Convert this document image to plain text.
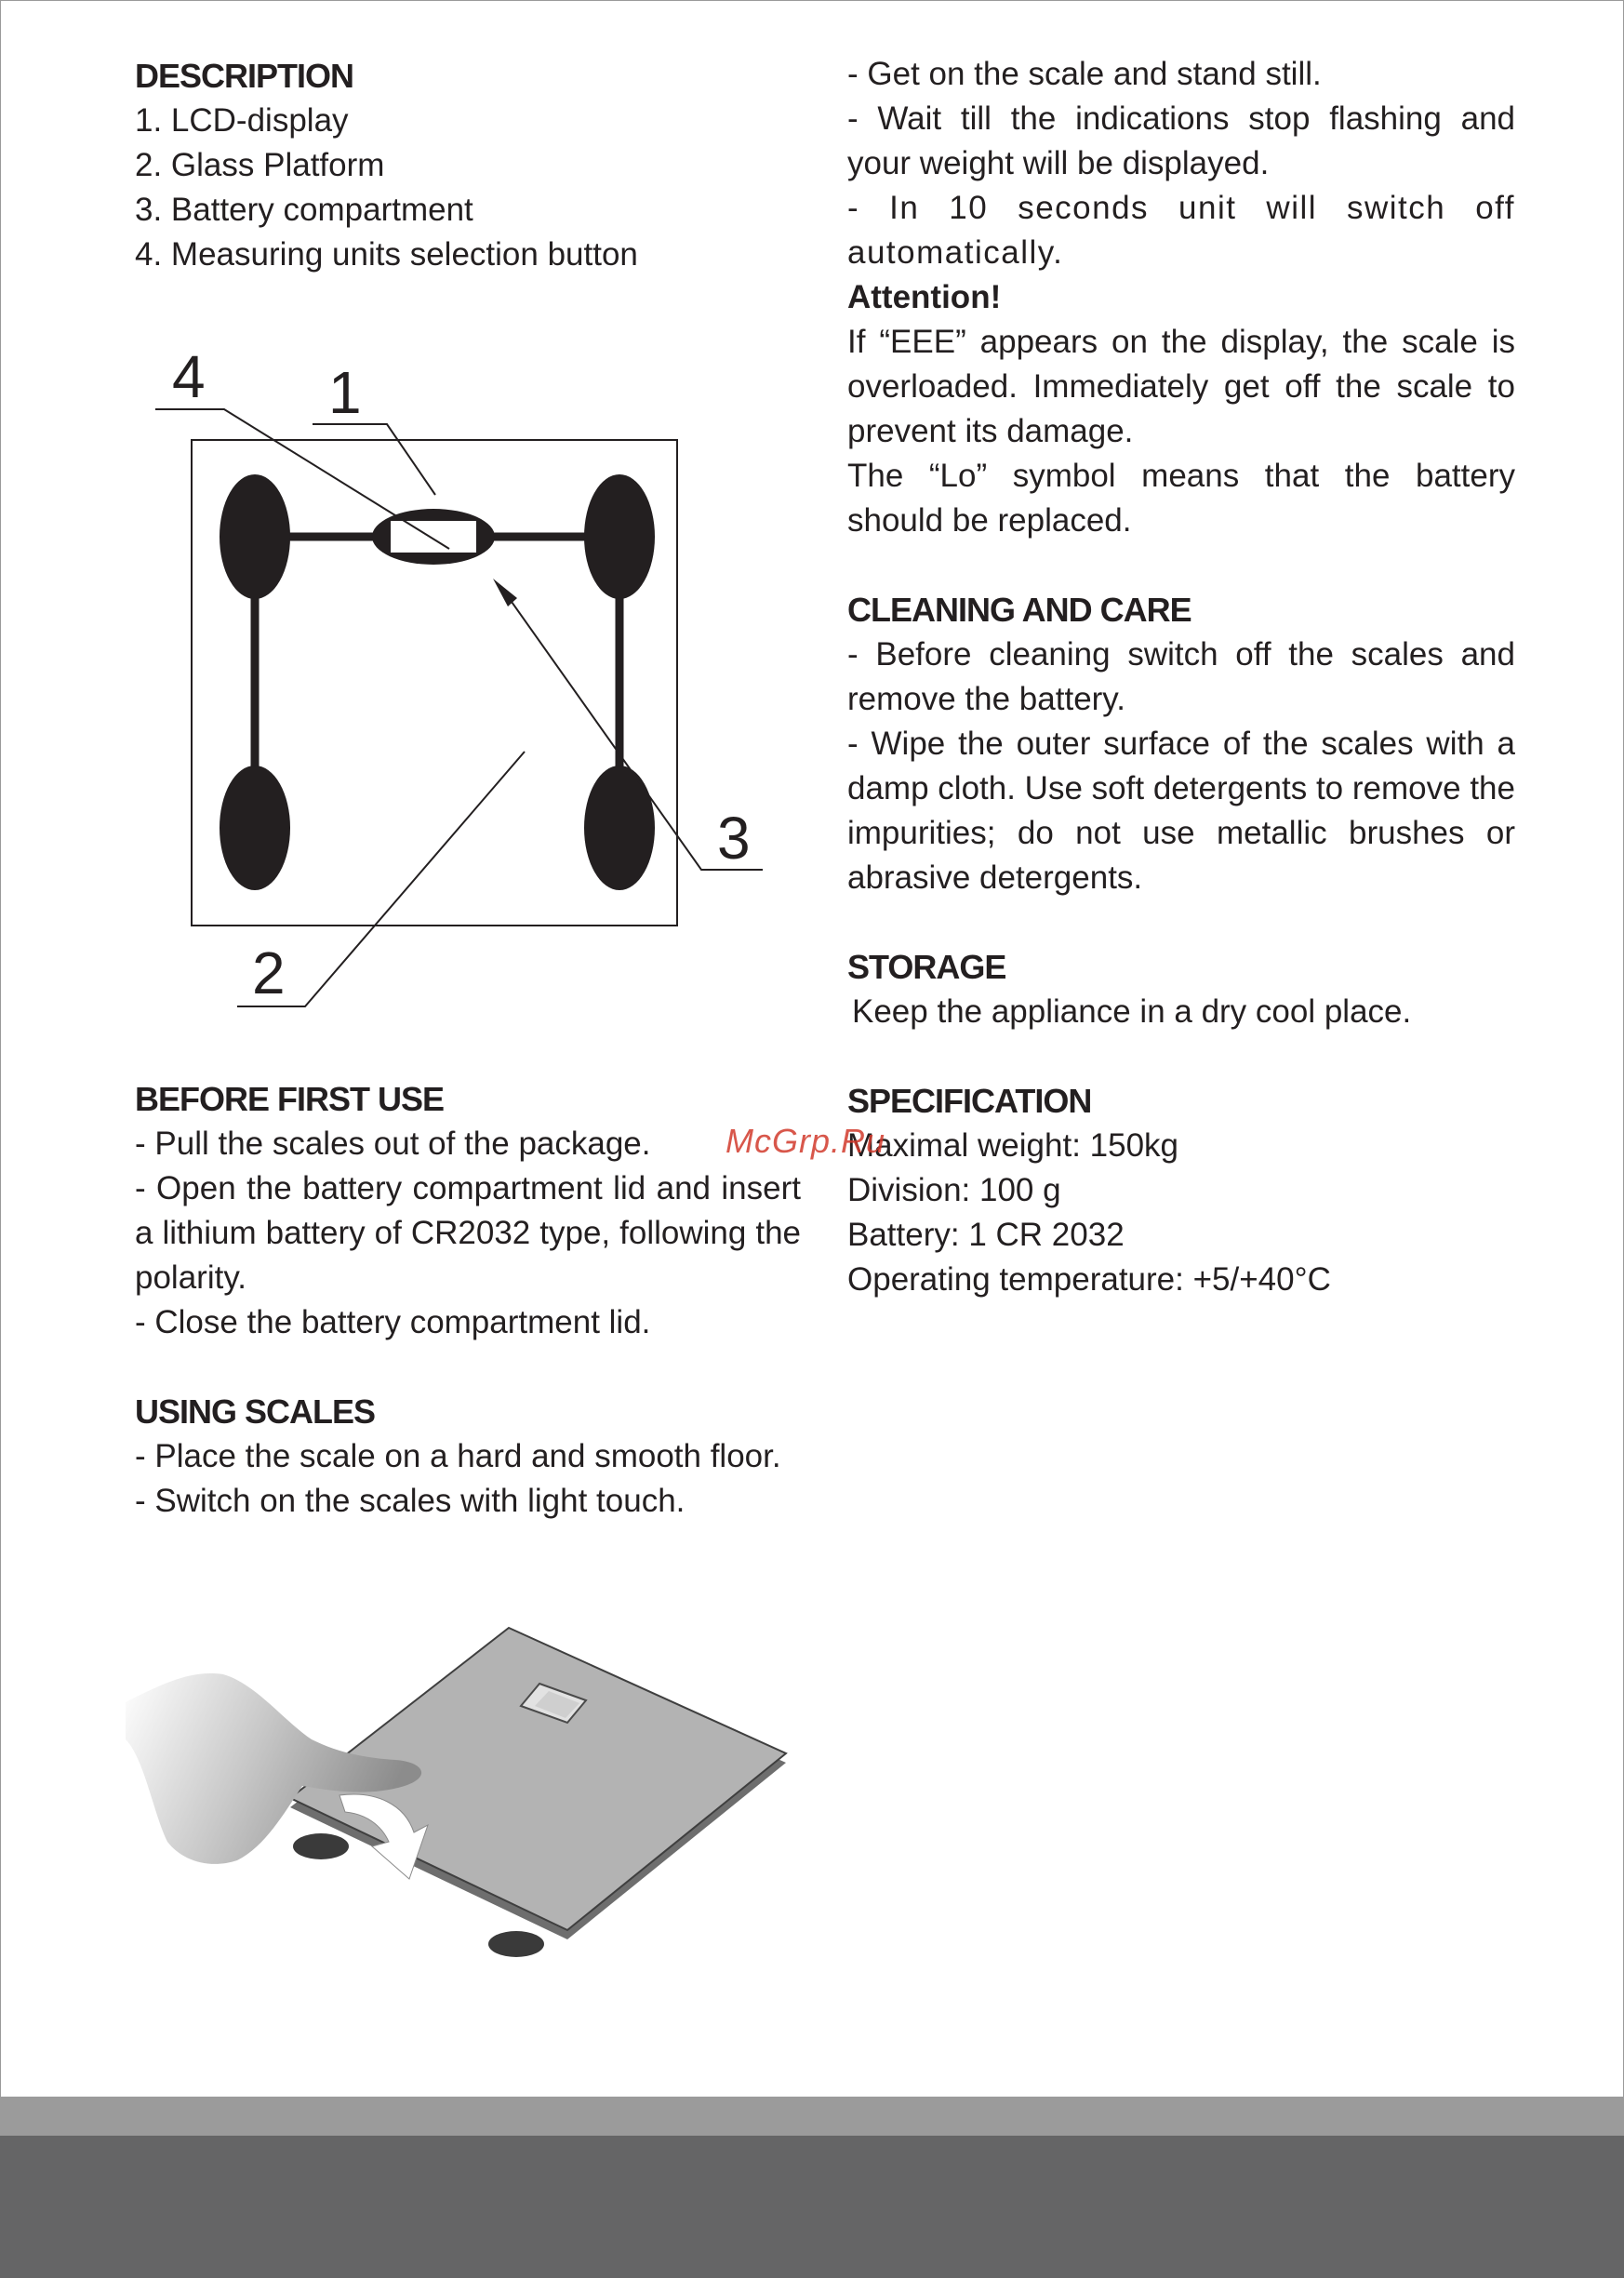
DESCRIPTION

1. LCD-display

2. Glass Platform

3. Battery compartment

4. Measuring units selection button

BEFORE FIRST USE

- Pull the scales out of the package.

- Open the battery compartment lid and insert a lithium battery of CR2032 type, following the polarity.

- Close the battery compartment lid.

USING SCALES

- Place the scale on a hard and smooth floor.

- Switch on the scales with light touch.

- Get on the scale and stand still.

- Wait till the indications stop flashing and your weight will be displayed.

- In 10 seconds unit will switch off automatically.

Attention!

If “EEE” appears on the display, the scale is overloaded. Immediately get off the scale to prevent its damage.

The “Lo” symbol means that the battery should be replaced.

CLEANING AND CARE

- Before cleaning switch off the scales and remove the battery.

- Wipe the outer surface of the scales with a damp cloth. Use soft detergents to remove the impurities; do not use metallic brushes or abrasive detergents.

STORAGE

Keep the appliance in a dry cool place.

SPECIFICATION

Maximal weight: 150kg

Division: 100 g

Battery: 1 CR 2032

Operating temperature: +5/+40°C

4 1
3
2
McGrp.Ru
